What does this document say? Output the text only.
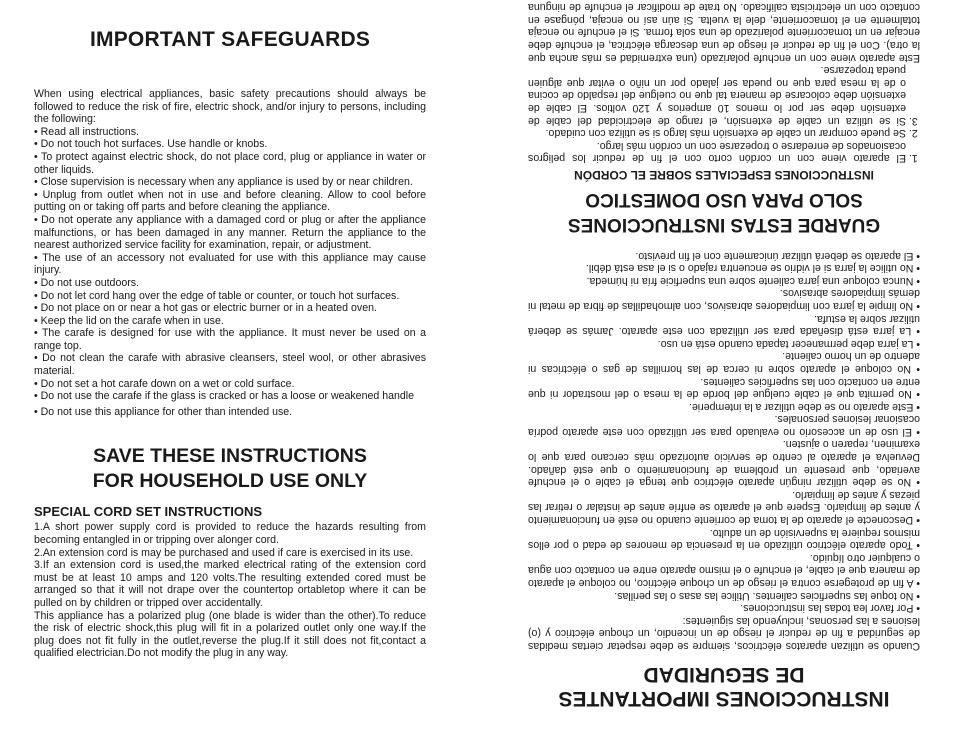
IMPORTANT SAFEGUARDS

When using electrical appliances, basic safety precautions should always be followed to reduce the risk of fire, electric shock, and/or injury to persons, including the following:

• Read all instructions.

• Do not touch hot surfaces. Use handle or knobs.

• To protect against electric shock, do not place cord, plug or appliance in water or other liquids.

• Close supervision is necessary when any appliance is used by or near children.

• Unplug from outlet when not in use and before cleaning. Allow to cool before putting on or taking off parts and before cleaning the appliance.

• Do not operate any appliance with a damaged cord or plug or after the appliance malfunctions, or has been damaged in any manner. Return the appliance to the nearest authorized service facility for examination, repair, or adjustment.

• The use of an accessory not evaluated for use with this appliance may cause injury.

• Do not use outdoors.

• Do not let cord hang over the edge of table or counter, or touch hot surfaces.

• Do not place on or near a hot gas or electric burner or in a heated oven.

• Keep the lid on the carafe when in use.

• The carafe is designed for use with the appliance. It must never be used on a range top.

• Do not clean the carafe with abrasive cleansers, steel wool, or other abrasives material.

• Do not set a hot carafe down on a wet or cold surface.

• Do not use the carafe if the glass is cracked or has a loose or weakened handle

• Do not use this appliance for other than intended use.

SAVE THESE INSTRUCTIONS
FOR HOUSEHOLD USE ONLY
SPECIAL CORD SET INSTRUCTIONS

1.A short power supply cord is provided to reduce the hazards resulting from becoming entangled in or tripping over alonger cord.

2.An extension cord is may be purchased and used if care is exercised in its use.

3.If an extension cord is used,the marked electrical rating of the extension cord must be at least 10 amps and 120 volts.The resulting extended cored must be arranged so that it will not drape over the countertop ortabletop where it can be pulled on by children or tripped over accidentally.

This appliance has a polarized plug (one blade is wider than the other).To reduce the risk of electric shock,this plug will fit in a polarized outlet only one way.If the plug does not fit fully in the outlet,reverse the plug.If it still does not fit,contact a qualified electrician.Do not modify the plug in any way.

INSTRUCCIONES IMPORTANTES
DE SEGURIDAD

Cuando se utilizan aparatos eléctricos, siempre se debe respetar ciertas medidas de seguridad a fin de reducir el riesgo de un incendio, un choque eléctrico y (o) lesiones a las personas, incluyendo las siguientes:

• Por favor lea todas las instrucciones.

• No toque las superficies calientes. Utilice las asas o las perillas.

• A fin de protegerse contra el riesgo de un choque eléctrico, no coloque el aparato de manera que el cable, el enchufe o el mismo aparato entre en contacto con agua o cualquier otro líquido.

• Todo aparato eléctrico utilizado en la presencia de menores de edad o por ellos mismos requiere la supervisión de un adulto.

• Desconecte el aparato de la toma de corriente cuando no esté en funcionamiento y antes de limpiarlo. Espere que el aparato se enfríe antes de instalar o retirar las piezas y antes de limpiarlo.

• No se debe utilizar ningún aparato eléctrico que tenga el cable o el enchufe averiado, que presente un problema de funcionamiento o que esté dañado. Devuelva el aparato al centro de servicio autorizado más cercano para que lo examinen, reparen o ajusten.

• El uso de un accesorio no evaluado para ser utilizado con este aparato podría ocasionar lesiones personales.

• Este aparato no se debe utilizar a la intemperie.

• No permita que el cable cuelgue del borde de la mesa o del mostrador ni que entre en contacto con las superficies calientes.

• No coloque el aparato sobre ni cerca de las hornillas de gas o eléctricas ni adentro de un horno caliente.

• La jarra debe permanecer tapada cuando está en uso.

• La jarra está diseñada para ser utilizada con este aparato. Jamás se deberá utilizar sobre la estufa.

• No limpie la jarra con limpiadores abrasivos, con almohadillas de fibra de metal ni demás limpiadores abrasivos.

• Nunca coloque una jarra caliente sobre una superficie fría ni húmeda.

• No utilice la jarra si el vidrio se encuentra rajado o si el asa está débil.

• El aparato se deberá utilizar únicamente con el fin previsto.

GUARDE ESTAS INSTRUCCIONES
SOLO PARA USO DOMESTICO
INSTRUCCIONES ESPECIALES SOBRE EL CORDÓN
1. El aparato viene con un cordón corto con el fin de reducir los peligros ocasionados de enredarse o tropezarse con un cordón más largo.
2. Se puede comprar un cable de extensión más largo si se utiliza con cuidado.
3. Si se utiliza un cable de extensión, el rango de electricidad del cable de extensión debe ser por lo menos 10 amperios y 120 voltios. El cable de extensión debe colocarse de manera tal que no cuelgue del respaldo de cocina o de la mesa para que no pueda ser jalado por un niño o evitar que alguien pueda tropezarse.

Este aparato viene con un enchufe polarizado (una extremidad es más ancha que la otra). Con el fin de reducir el riesgo de una descarga eléctrica, el enchufe debe encajar en un tomacorriente polarizado de una sola forma. Si el enchufe no encaja totalmente en el tomacorriente, dele la vuelta. Si aún así no encaja, póngase en contacto con un electricista calificado. No trate de modificar el enchufe de ninguna
